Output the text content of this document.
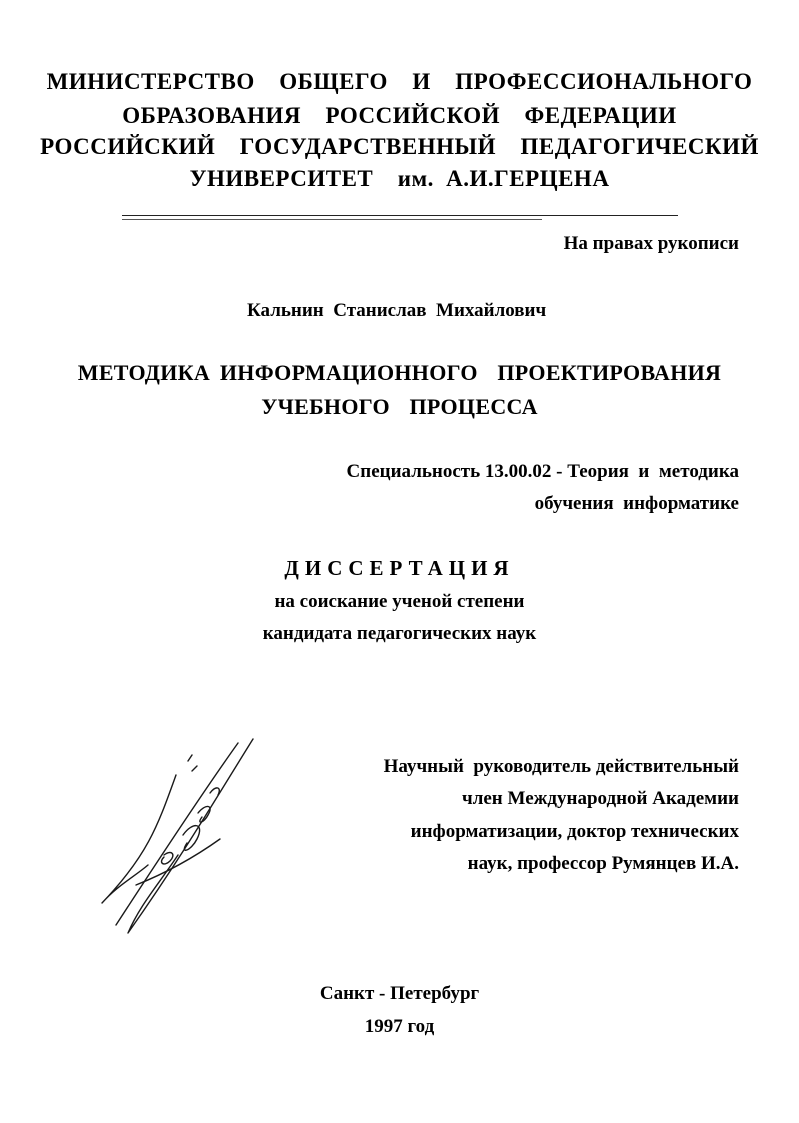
МИНИСТЕРСТВО  ОБЩЕГО  И  ПРОФЕССИОНАЛЬНОГО
ОБРАЗОВАНИЯ  РОССИЙСКОЙ  ФЕДЕРАЦИИ
РОССИЙСКИЙ  ГОСУДАРСТВЕННЫЙ  ПЕДАГОГИЧЕСКИЙ
УНИВЕРСИТЕТ  им. А.И.ГЕРЦЕНА
На правах рукописи
Кальнин  Станислав  Михайлович
МЕТОДИКА ИНФОРМАЦИОННОГО  ПРОЕКТИРОВАНИЯ
УЧЕБНОГО  ПРОЦЕССА
Специальность 13.00.02 - Теория  и  методика
обучения  информатике
ДИССЕРТАЦИЯ
на соискание ученой степени
кандидата педагогических наук
Научный  руководитель действительный
член Международной Академии
информатизации, доктор технических
наук, профессор Румянцев И.А.
Санкт - Петербург
1997 год
